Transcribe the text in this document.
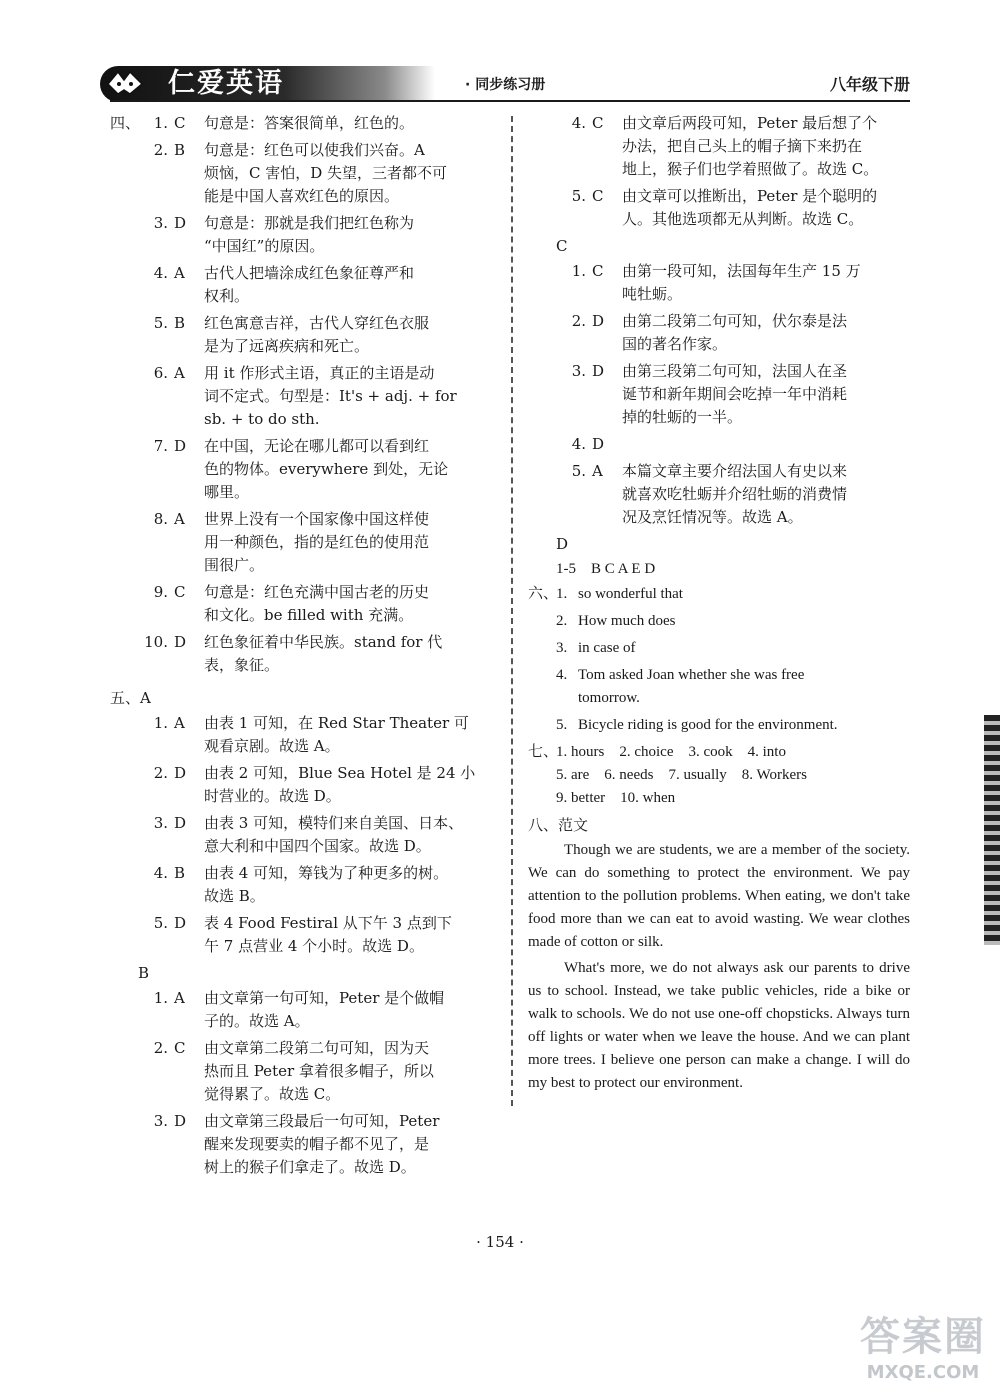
仁爱英语	· 同步练习册	八年级下册
四、 1. C	句意是：答案很简单，红色的。
2. B	句意是：红色可以使我们兴奋。A
烦恼，C 害怕，D 失望，三者都不可
能是中国人喜欢红色的原因。
3. D	句意是：那就是我们把红色称为
“中国红”的原因。
4. A	古代人把墙涂成红色象征尊严和
权利。
5. B	红色寓意吉祥，古代人穿红色衣服
是为了远离疾病和死亡。
6. A	用 it 作形式主语，真正的主语是动
词不定式。句型是：It's + adj. + for
sb. + to do sth.
7. D	在中国，无论在哪儿都可以看到红
色的物体。everywhere 到处，无论
哪里。
8. A	世界上没有一个国家像中国这样使
用一种颜色，指的是红色的使用范
围很广。
9. C	句意是：红色充满中国古老的历史
和文化。be filled with 充满。
10. D	红色象征着中华民族。stand for 代
表，象征。
五、A
1. A	由表 1 可知，在 Red Star Theater 可
观看京剧。故选 A。
2. D	由表 2 可知，Blue Sea Hotel 是 24 小
时营业的。故选 D。
3. D	由表 3 可知，模特们来自美国、日本、
意大利和中国四个国家。故选 D。
4. B	由表 4 可知，筹钱为了种更多的树。
故选 B。
5. D	表 4 Food Festiral 从下午 3 点到下
午 7 点营业 4 个小时。故选 D。
B
1. A	由文章第一句可知，Peter 是个做帽
子的。故选 A。
2. C	由文章第二段第二句可知，因为天
热而且 Peter 拿着很多帽子，所以
觉得累了。故选 C。
3. D	由文章第三段最后一句可知，Peter
醒来发现要卖的帽子都不见了，是
树上的猴子们拿走了。故选 D。
4. C	由文章后两段可知，Peter 最后想了个
办法，把自己头上的帽子摘下来扔在
地上，猴子们也学着照做了。故选 C。
5. C	由文章可以推断出，Peter 是个聪明的
人。其他选项都无从判断。故选 C。
C
1. C	由第一段可知，法国每年生产 15 万
吨牡蛎。
2. D	由第二段第二句可知，伏尔泰是法
国的著名作家。
3. D	由第三段第二句可知，法国人在圣
诞节和新年期间会吃掉一年中消耗
掉的牡蛎的一半。
4. D
5. A	本篇文章主要介绍法国人有史以来
就喜欢吃牡蛎并介绍牡蛎的消费情
况及烹饪情况等。故选 A。
D
1-5　B C A E D
六、
1. so wonderful that
2. How much does
3. in case of
4. Tom asked Joan whether she was free
tomorrow.
5. Bicycle riding is good for the environment.
七、
1. hours　2. choice　3. cook　4. into
5. are　6. needs　7. usually　8. Workers
9. better　10. when
八、范文

Though we are students, we are a member of the society. We can do something to protect the environment. We pay attention to the pollution problems. When eating, we don't take food more than we can eat to avoid wasting. We wear clothes made of cotton or silk.

What's more, we do not always ask our parents to drive us to school. Instead, we take public vehicles, ride a bike or walk to schools. We do not use one-off chopsticks. Always turn off lights or water when we leave the house. And we can plant more trees. I believe one person can make a change. I will do my best to protect our environment.

· 154 ·
答案圈
MXQE.COM
